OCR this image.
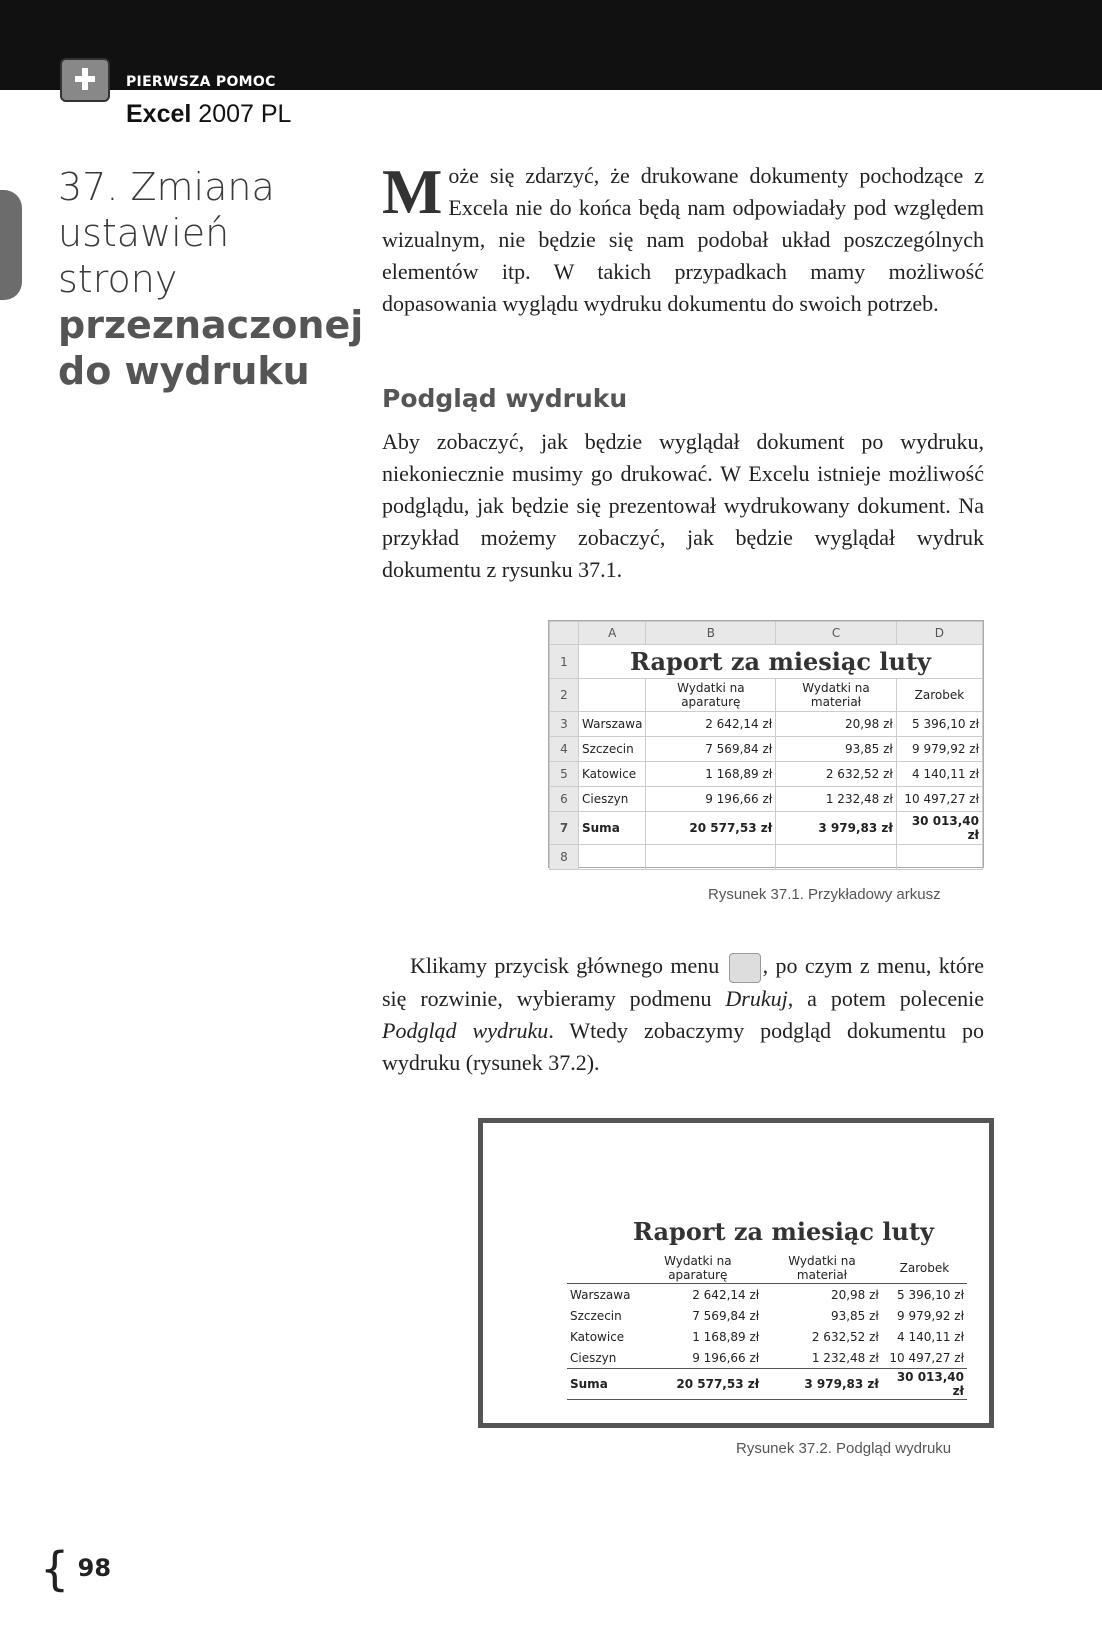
PIERWSZA POMOC
Excel 2007 PL
37. Zmiana
ustawień strony
przeznaczonej
do wydruku
Może się zdarzyć, że drukowane dokumenty pochodzące z Excela nie do końca będą nam odpowiadały pod względem wizualnym, nie będzie się nam podobał układ poszczególnych elementów itp. W takich przypadkach mamy możliwość dopasowania wyglądu wydruku dokumentu do swoich potrzeb.
Podgląd wydruku
Aby zobaczyć, jak będzie wyglądał dokument po wydruku, niekoniecznie musimy go drukować. W Excelu istnieje możliwość podglądu, jak będzie się prezentował wydrukowany dokument. Na przykład możemy zobaczyć, jak będzie wyglądał wydruk dokumentu z rysunku 37.1.
	A	B	C	D
1	Raport za miesiąc luty			
2		Wydatki na aparaturę	Wydatki na materiał	Zarobek
3	Warszawa	2 642,14 zł	20,98 zł	5 396,10 zł
4	Szczecin	7 569,84 zł	93,85 zł	9 979,92 zł
5	Katowice	1 168,89 zł	2 632,52 zł	4 140,11 zł
6	Cieszyn	9 196,66 zł	1 232,48 zł	10 497,27 zł
7	Suma	20 577,53 zł	3 979,83 zł	30 013,40 zł
8				
Rysunek 37.1. Przykładowy arkusz
Klikamy przycisk głównego menu , po czym z menu, które się rozwinie, wybieramy podmenu Drukuj, a potem polecenie Podgląd wydruku. Wtedy zobaczymy podgląd dokumentu po wydruku (rysunek 37.2).
Raport za miesiąc luty
	Wydatki na aparaturę	Wydatki na materiał	Zarobek
Warszawa	2 642,14 zł	20,98 zł	5 396,10 zł
Szczecin	7 569,84 zł	93,85 zł	9 979,92 zł
Katowice	1 168,89 zł	2 632,52 zł	4 140,11 zł
Cieszyn	9 196,66 zł	1 232,48 zł	10 497,27 zł
Suma	20 577,53 zł	3 979,83 zł	30 013,40 zł
Rysunek 37.2. Podgląd wydruku
{ 98
